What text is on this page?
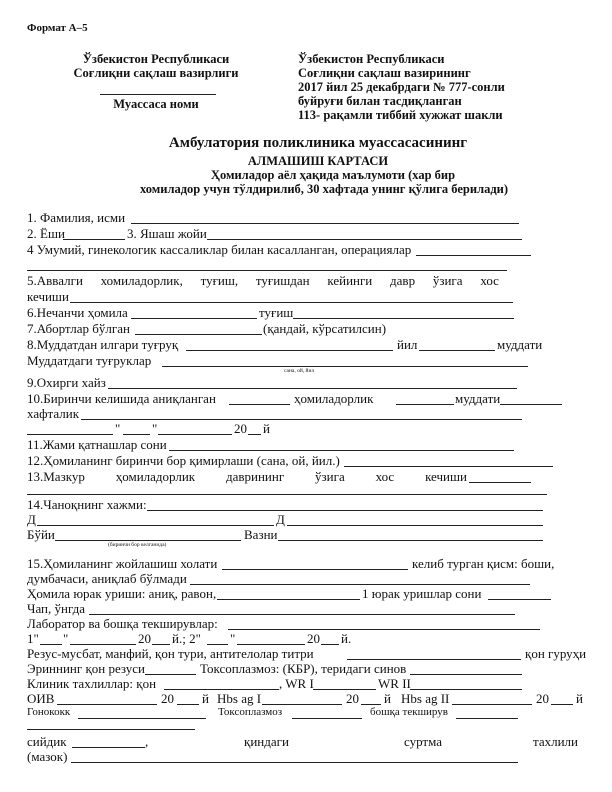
Формат А–5
Ўзбекистон Республикаси
Соғлиқни сақлаш вазирлиги
Муассаса номи
Ўзбекистон Республикаси
Соғлиқни сақлаш вазирининг
2017 йил 25 декабрдаги № 777-сонли
буйруғи билан тасдиқланган
113- рақамли тиббий хужжат шакли
Амбулатория поликлиника муассасасининг
АЛМАШИШ КАРТАСИ
Ҳомиладор аёл ҳақида маълумоти (хар бир
хомиладор учун тўлдирилиб, 30 хафтада унинг қўлига берилади)
1. Фамилия, исми
2. Ёши	3. Яшаш жойи
4 Умумий, гинекологик кассаликлар билан касалланган, операциялар
5.Аввалги хомиладорлик, туғиш, туғишдан кейинги давр ўзига хос
кечиши
6.Нечанчи ҳомила	туғиш
7.Абортлар бўлган	(қандай, кўрсатилсин)
8.Муддатдан илгари туғруқ	йил	муддати
Муддатдаги туғруклар
сана, ой, йил
9.Охирги хайз
10.Биринчи келишида аниқланган	ҳомиладорлик	муддати
хафталик
" "	20 й
11.Жами қатнашлар сони
12.Ҳомиланинг биринчи бор қимирлаши (сана, ой, йил.)
13.Мазкур ҳомиладорлик даврининг ўзига хос кечиши
14.Чаноқнинг хажми:
Д	Д
Бўйи	Вазни
(биринчи бор келганида)
15.Ҳомиланинг жойлашиш холати	келиб турган қисм: боши,
думбачаси, аниқлаб бўлмади
Ҳомила юрак уриши: аниқ, равон,	1 юрак уришлар сони
Чап, ўнгда
Лаборатор ва бошқа текширувлар:
1" "	20 й.; 2" "	20 й.
Резус-мусбат, манфий, қон тури, антителолар титри	қон гуруҳи
Эриннинг қон резуси	Токсоплазмоз: (КБР), теридаги синов
Клиник тахлиллар: қон	, WR I	WR II
ОИВ	20 й Hbs ag I	20 й Hbs ag II	20 й
Гонококк	Токсоплазмоз	бошқа текширув
сийдик	,	қиндаги	суртма	тахлили
(мазок)
